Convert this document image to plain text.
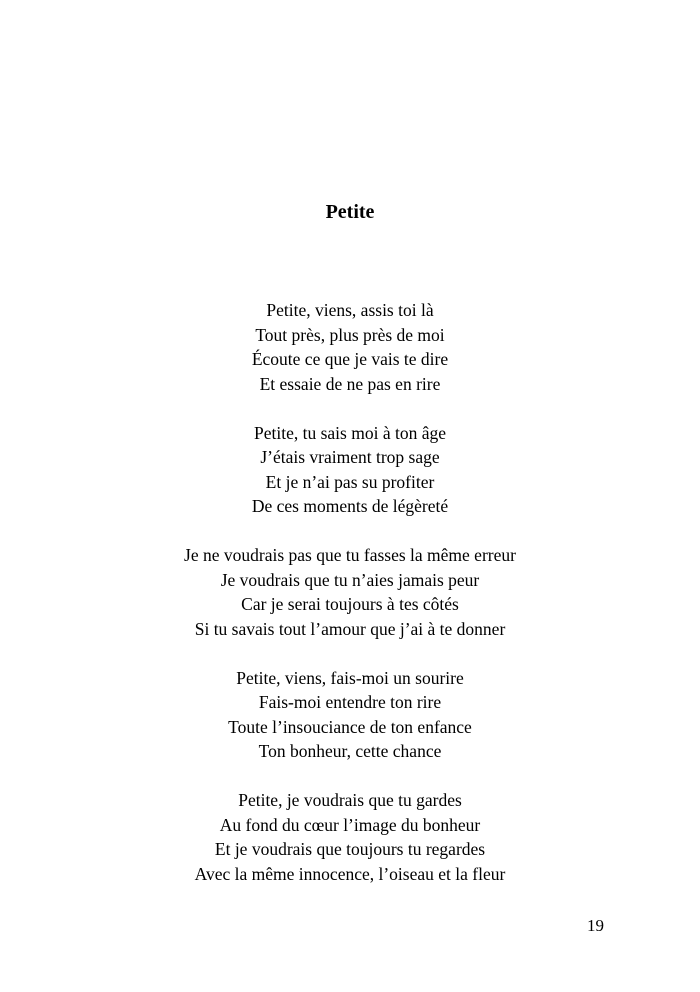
Petite
Petite, viens, assis toi là
Tout près, plus près de moi
Écoute ce que je vais te dire
Et essaie de ne pas en rire
Petite, tu sais moi à ton âge
J’étais vraiment trop sage
Et je n’ai pas su profiter
De ces moments de légèreté
Je ne voudrais pas que tu fasses la même erreur
Je voudrais que tu n’aies jamais peur
Car je serai toujours à tes côtés
Si tu savais tout l’amour que j’ai à te donner
Petite, viens, fais-moi un sourire
Fais-moi entendre ton rire
Toute l’insouciance de ton enfance
Ton bonheur, cette chance
Petite, je voudrais que tu gardes
Au fond du cœur l’image du bonheur
Et je voudrais que toujours tu regardes
Avec la même innocence, l’oiseau et la fleur
19
